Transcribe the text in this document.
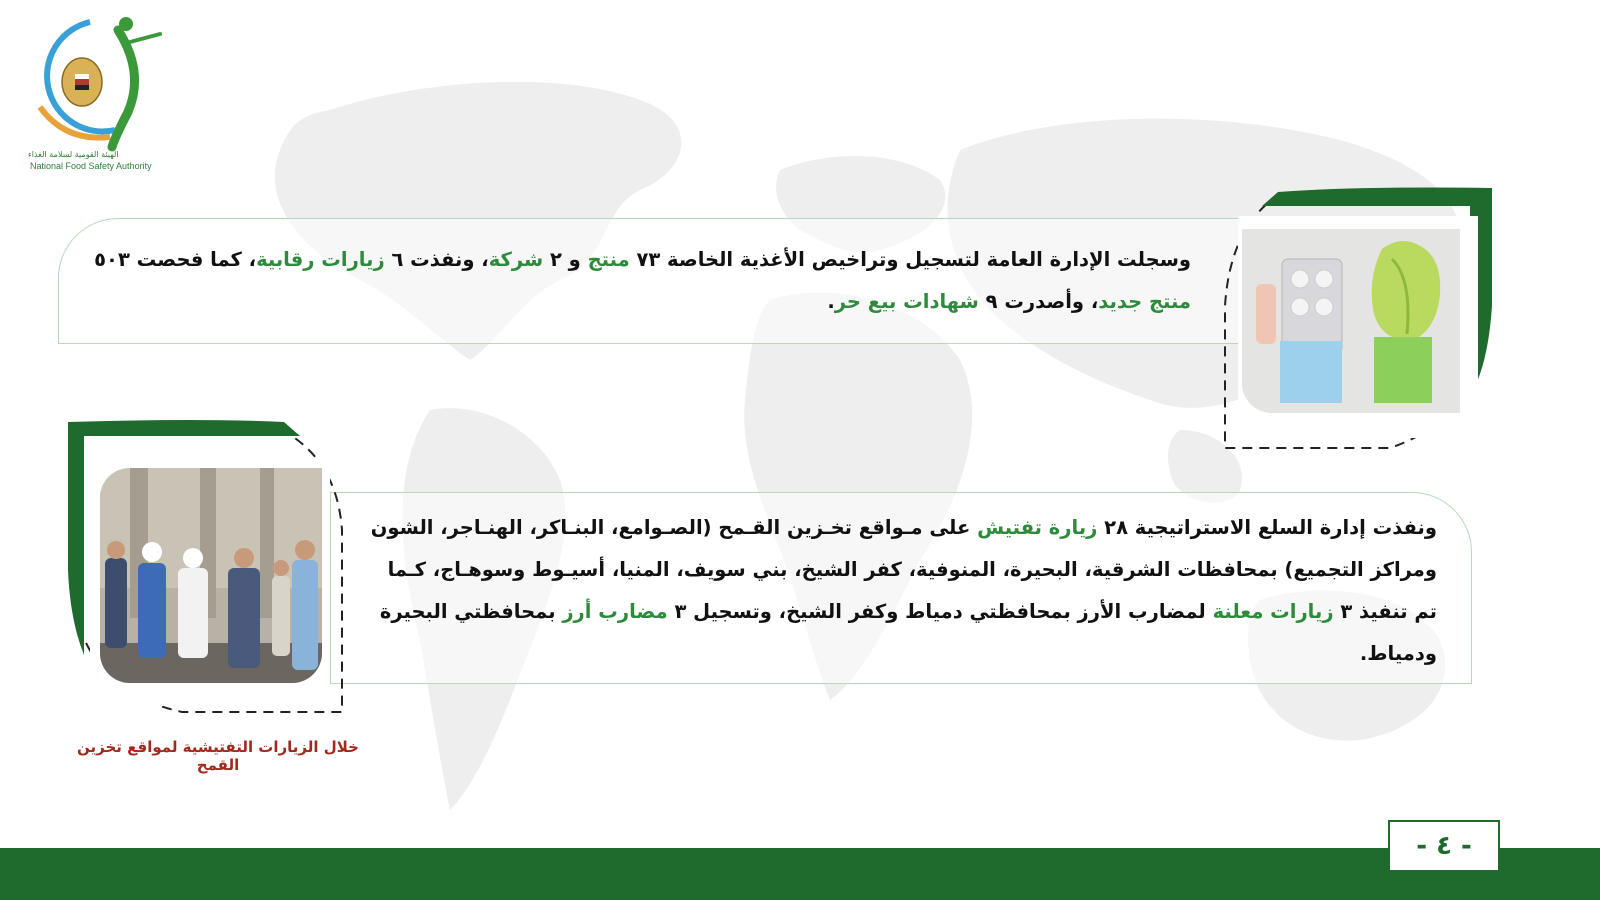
NFSA
الهيئة القومية لسلامة الغذاء
National Food Safety Authority
وسجلت الإدارة العامة لتسجيل وتراخيص الأغذية الخاصة ٧٣ منتج و ٢ شركة، ونفذت ٦ زيارات رقابية، كما فحصت ٥٠٣ منتج جديد، وأصدرت ٩ شهادات بيع حر.
ونفذت إدارة السلع الاستراتيجية ٢٨ زيارة تفتيش على مـواقع تخـزين القـمح (الصـوامع، البنـاكر، الهنـاجر، الشون ومراكز التجميع) بمحافظات الشرقية، البحيرة، المنوفية، كفر الشيخ، بني سويف، المنيا، أسيـوط وسوهـاج، كـما تم تنفيذ ٣ زيارات معلنة لمضارب الأرز بمحافظتي دمياط وكفر الشيخ، وتسجيل ٣ مضارب أرز بمحافظتي البحيرة ودمياط.
خلال الزيارات التفتيشية لمواقع تخزين القمح
- ٤ -
